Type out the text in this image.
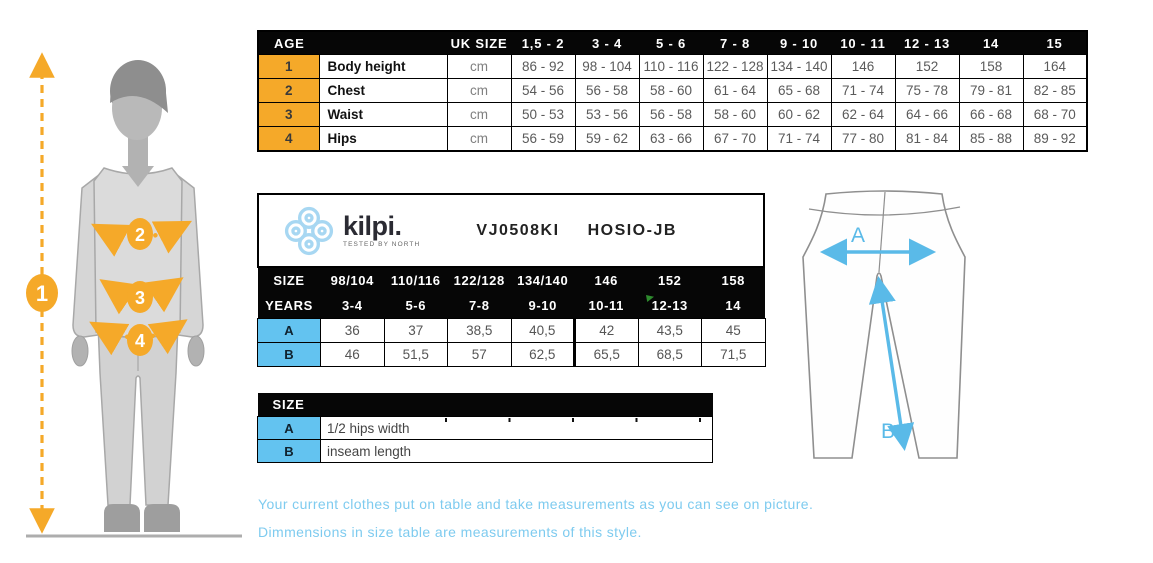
1
2
3
4
AGE		UK SIZE	1,5 - 2	3 - 4	5 - 6	7 - 8	9 - 10	10 - 11	12 - 13	14	15
1	Body height	cm	86 - 92	98 - 104	110 - 116	122 - 128	134 - 140	146	152	158	164
2	Chest	cm	54 - 56	56 - 58	58 - 60	61 - 64	65 - 68	71 - 74	75 - 78	79 - 81	82 - 85
3	Waist	cm	50 - 53	53 - 56	56 - 58	58 - 60	60 - 62	62 - 64	64 - 66	66 - 68	68 - 70
4	Hips	cm	56 - 59	59 - 62	63 - 66	67 - 70	71 - 74	77 - 80	81 - 84	85 - 88	89 - 92
kilpi.
TESTED BY NORTH
VJ0508KI HOSIO-JB
SIZE	98/104	110/116	122/128	134/140	146	152	158
YEARS	3-4	5-6	7-8	9-10	10-11	12-13	14
A	36	37	38,5	40,5	42	43,5	45
B	46	51,5	57	62,5	65,5	68,5	71,5
SIZE	
A	1/2 hips width
B	inseam length
A
B
Your current clothes put on table and take measurements as you can see on picture.
Dimmensions in size table are measurements of this style.
